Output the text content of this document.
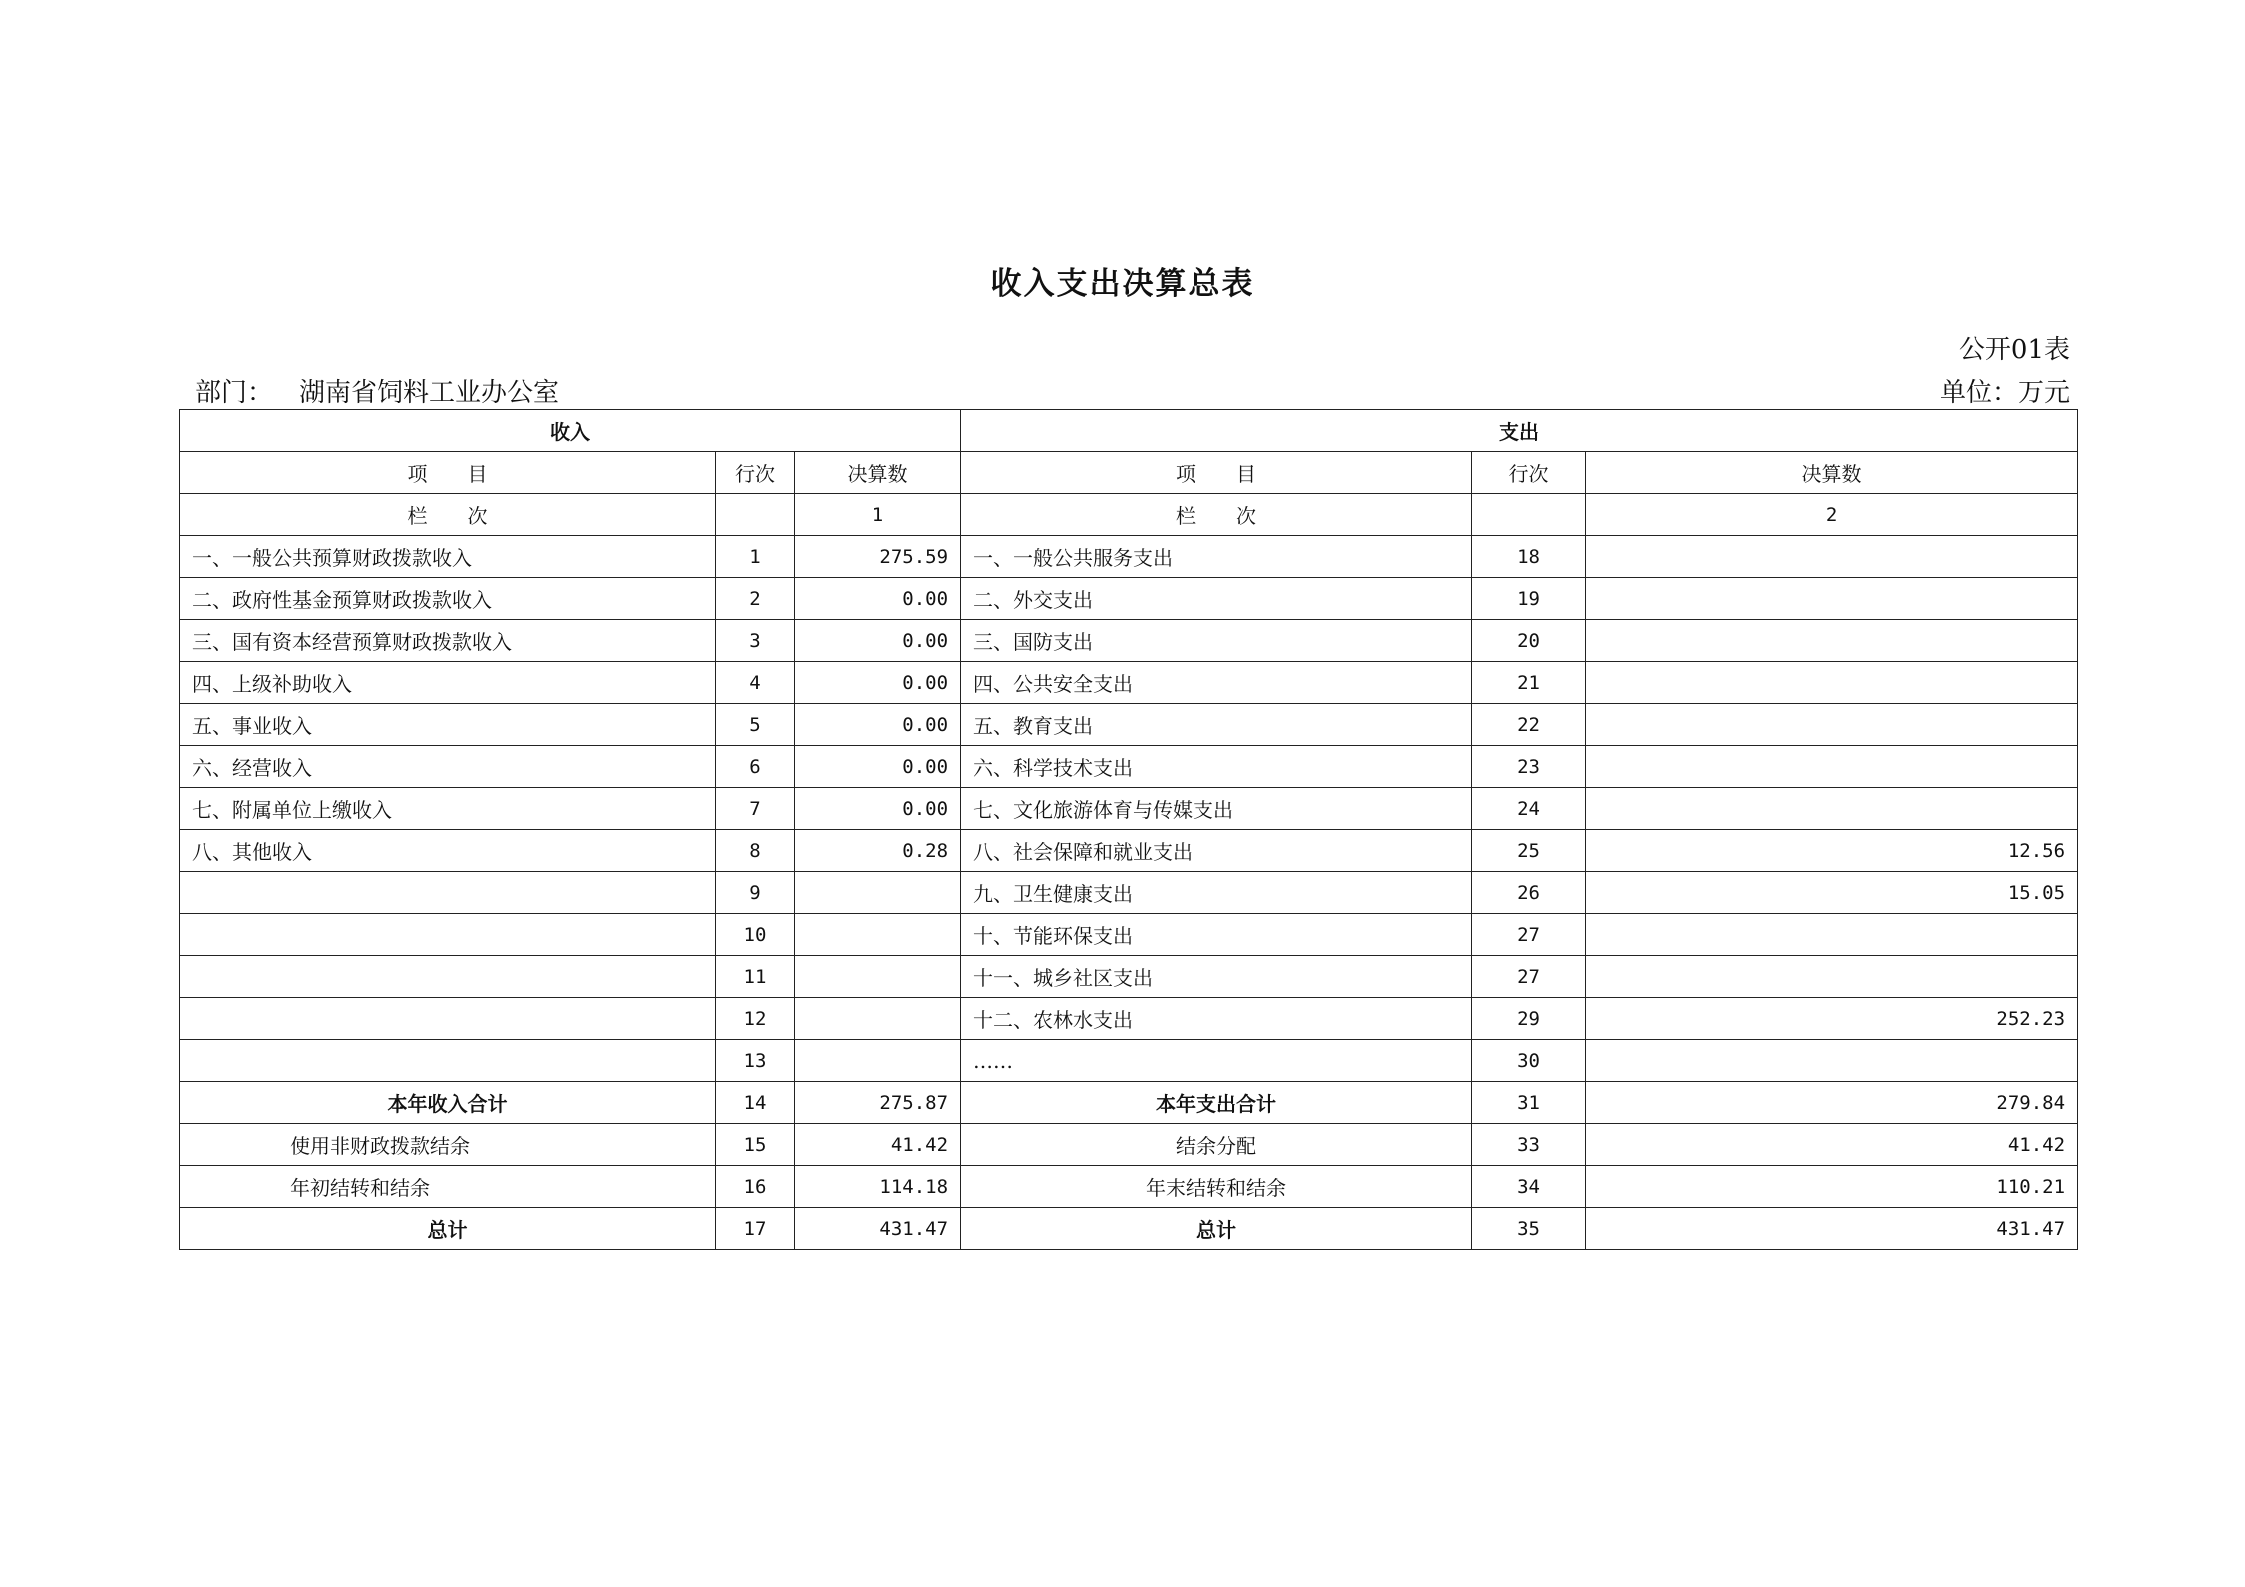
收入支出决算总表
公开01表
部门： 湖南省饲料工业办公室	单位：万元
收入			支出		
项　　目	行次	决算数	项　　目	行次	决算数
栏　　次		1	栏　　次		2
一、一般公共预算财政拨款收入	1	275.59	一、一般公共服务支出	18	
二、政府性基金预算财政拨款收入	2	0.00	二、外交支出	19	
三、国有资本经营预算财政拨款收入	3	0.00	三、国防支出	20	
四、上级补助收入	4	0.00	四、公共安全支出	21	
五、事业收入	5	0.00	五、教育支出	22	
六、经营收入	6	0.00	六、科学技术支出	23	
七、附属单位上缴收入	7	0.00	七、文化旅游体育与传媒支出	24	
八、其他收入	8	0.28	八、社会保障和就业支出	25	12.56
	9		九、卫生健康支出	26	15.05
	10		十、节能环保支出	27	
	11		十一、城乡社区支出	27	
	12		十二、农林水支出	29	252.23
	13		……	30	
本年收入合计	14	275.87	本年支出合计	31	279.84
使用非财政拨款结余	15	41.42	结余分配	33	41.42
年初结转和结余	16	114.18	年末结转和结余	34	110.21
总计	17	431.47	总计	35	431.47
